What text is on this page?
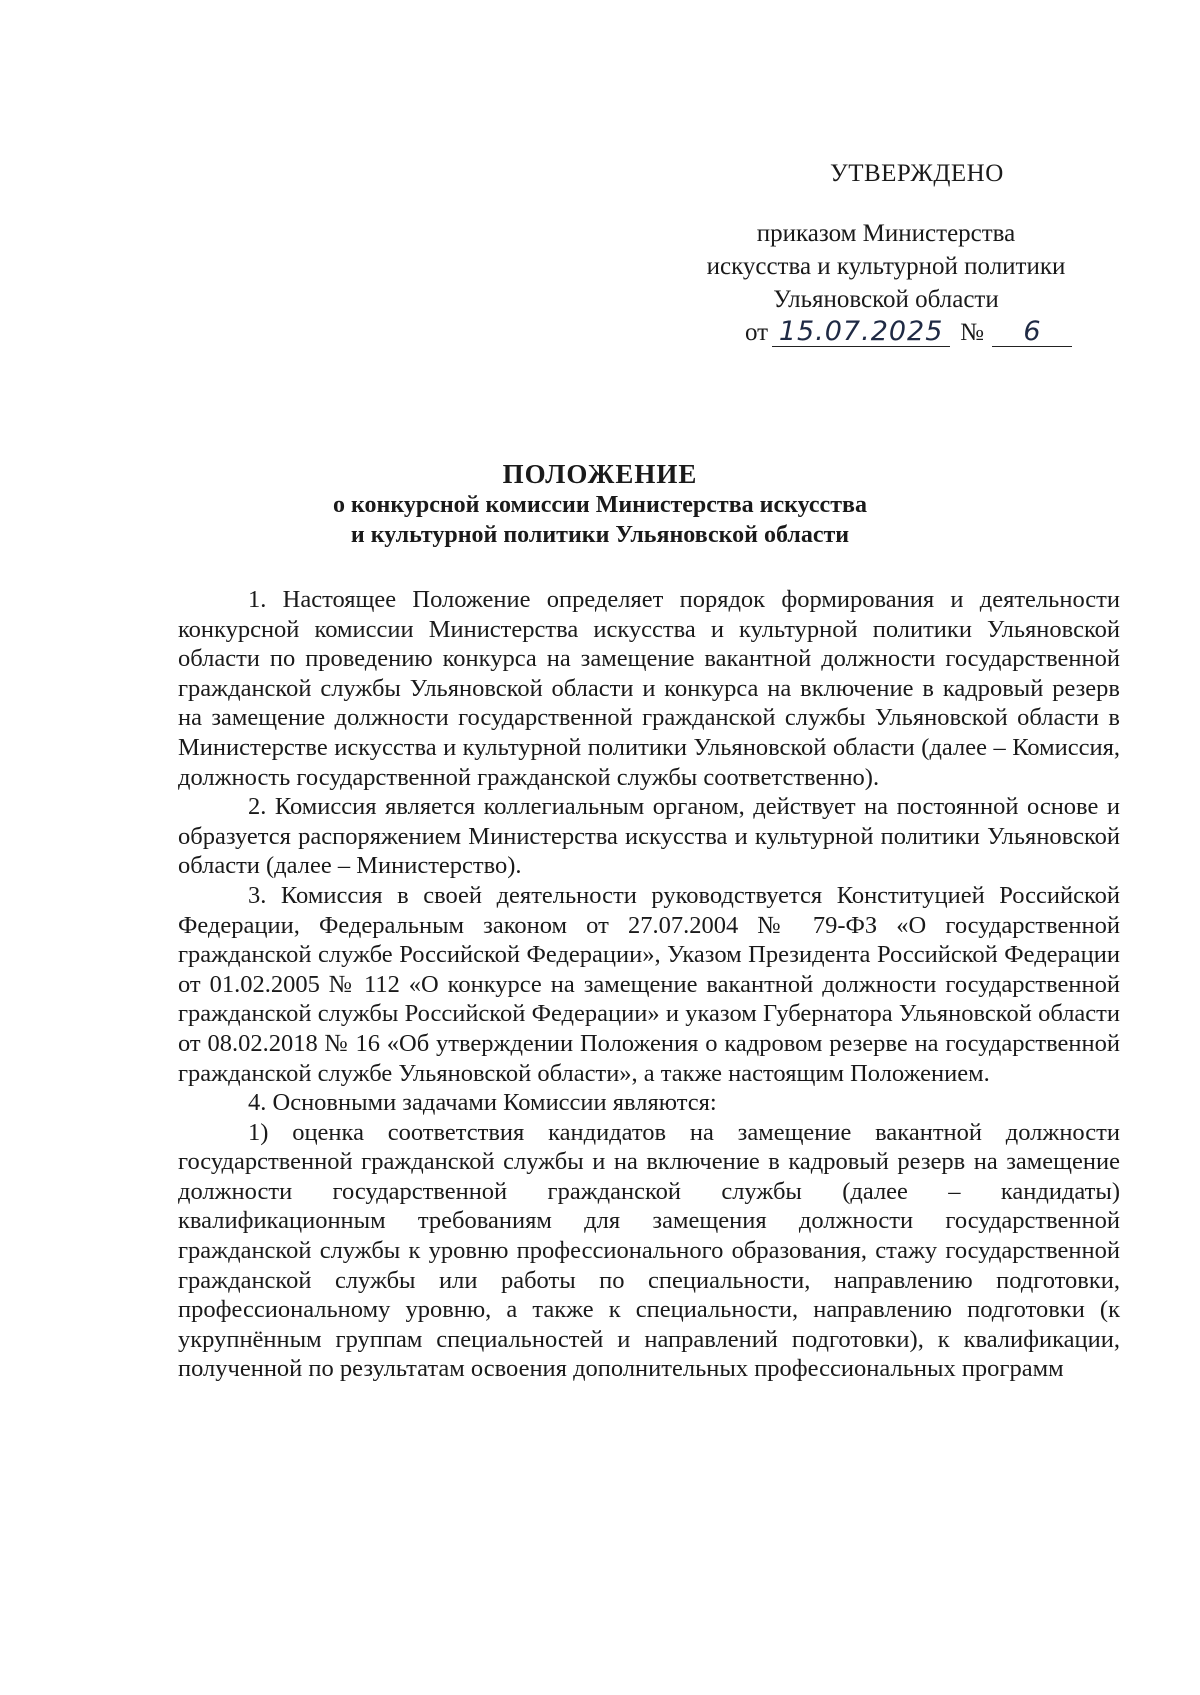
УТВЕРЖДЕНО
приказом Министерства
искусства и культурной политики
Ульяновской области
от 15.07.2025 № 6
ПОЛОЖЕНИЕ
о конкурсной комиссии Министерства искусства
и культурной политики Ульяновской области

1. Настоящее Положение определяет порядок формирования и деятельности конкурсной комиссии Министерства искусства и культурной политики Ульяновской области по проведению конкурса на замещение вакантной должности государственной гражданской службы Ульяновской области и конкурса на включение в кадровый резерв на замещение должности государственной гражданской службы Ульяновской области в Министерстве искусства и культурной политики Ульяновской области (далее – Комиссия, должность государственной гражданской службы соответственно).

2. Комиссия является коллегиальным органом, действует на постоянной основе и образуется распоряжением Министерства искусства и культурной политики Ульяновской области (далее – Министерство).

3. Комиссия в своей деятельности руководствуется Конституцией Российской Федерации, Федеральным законом от 27.07.2004 № 79-ФЗ «О государственной гражданской службе Российской Федерации», Указом Президента Российской Федерации от 01.02.2005 № 112 «О конкурсе на замещение вакантной должности государственной гражданской службы Российской Федерации» и указом Губернатора Ульяновской области от 08.02.2018 № 16 «Об утверждении Положения о кадровом резерве на государственной гражданской службе Ульяновской области», а также настоящим Положением.

4. Основными задачами Комиссии являются:

1) оценка соответствия кандидатов на замещение вакантной должности государственной гражданской службы и на включение в кадровый резерв на замещение должности государственной гражданской службы (далее – кандидаты) квалификационным требованиям для замещения должности государственной гражданской службы к уровню профессионального образования, стажу государственной гражданской службы или работы по специальности, направлению подготовки, профессиональному уровню, а также к специальности, направлению подготовки (к укрупнённым группам специальностей и направлений подготовки), к квалификации, полученной по результатам освоения дополнительных профессиональных программ
